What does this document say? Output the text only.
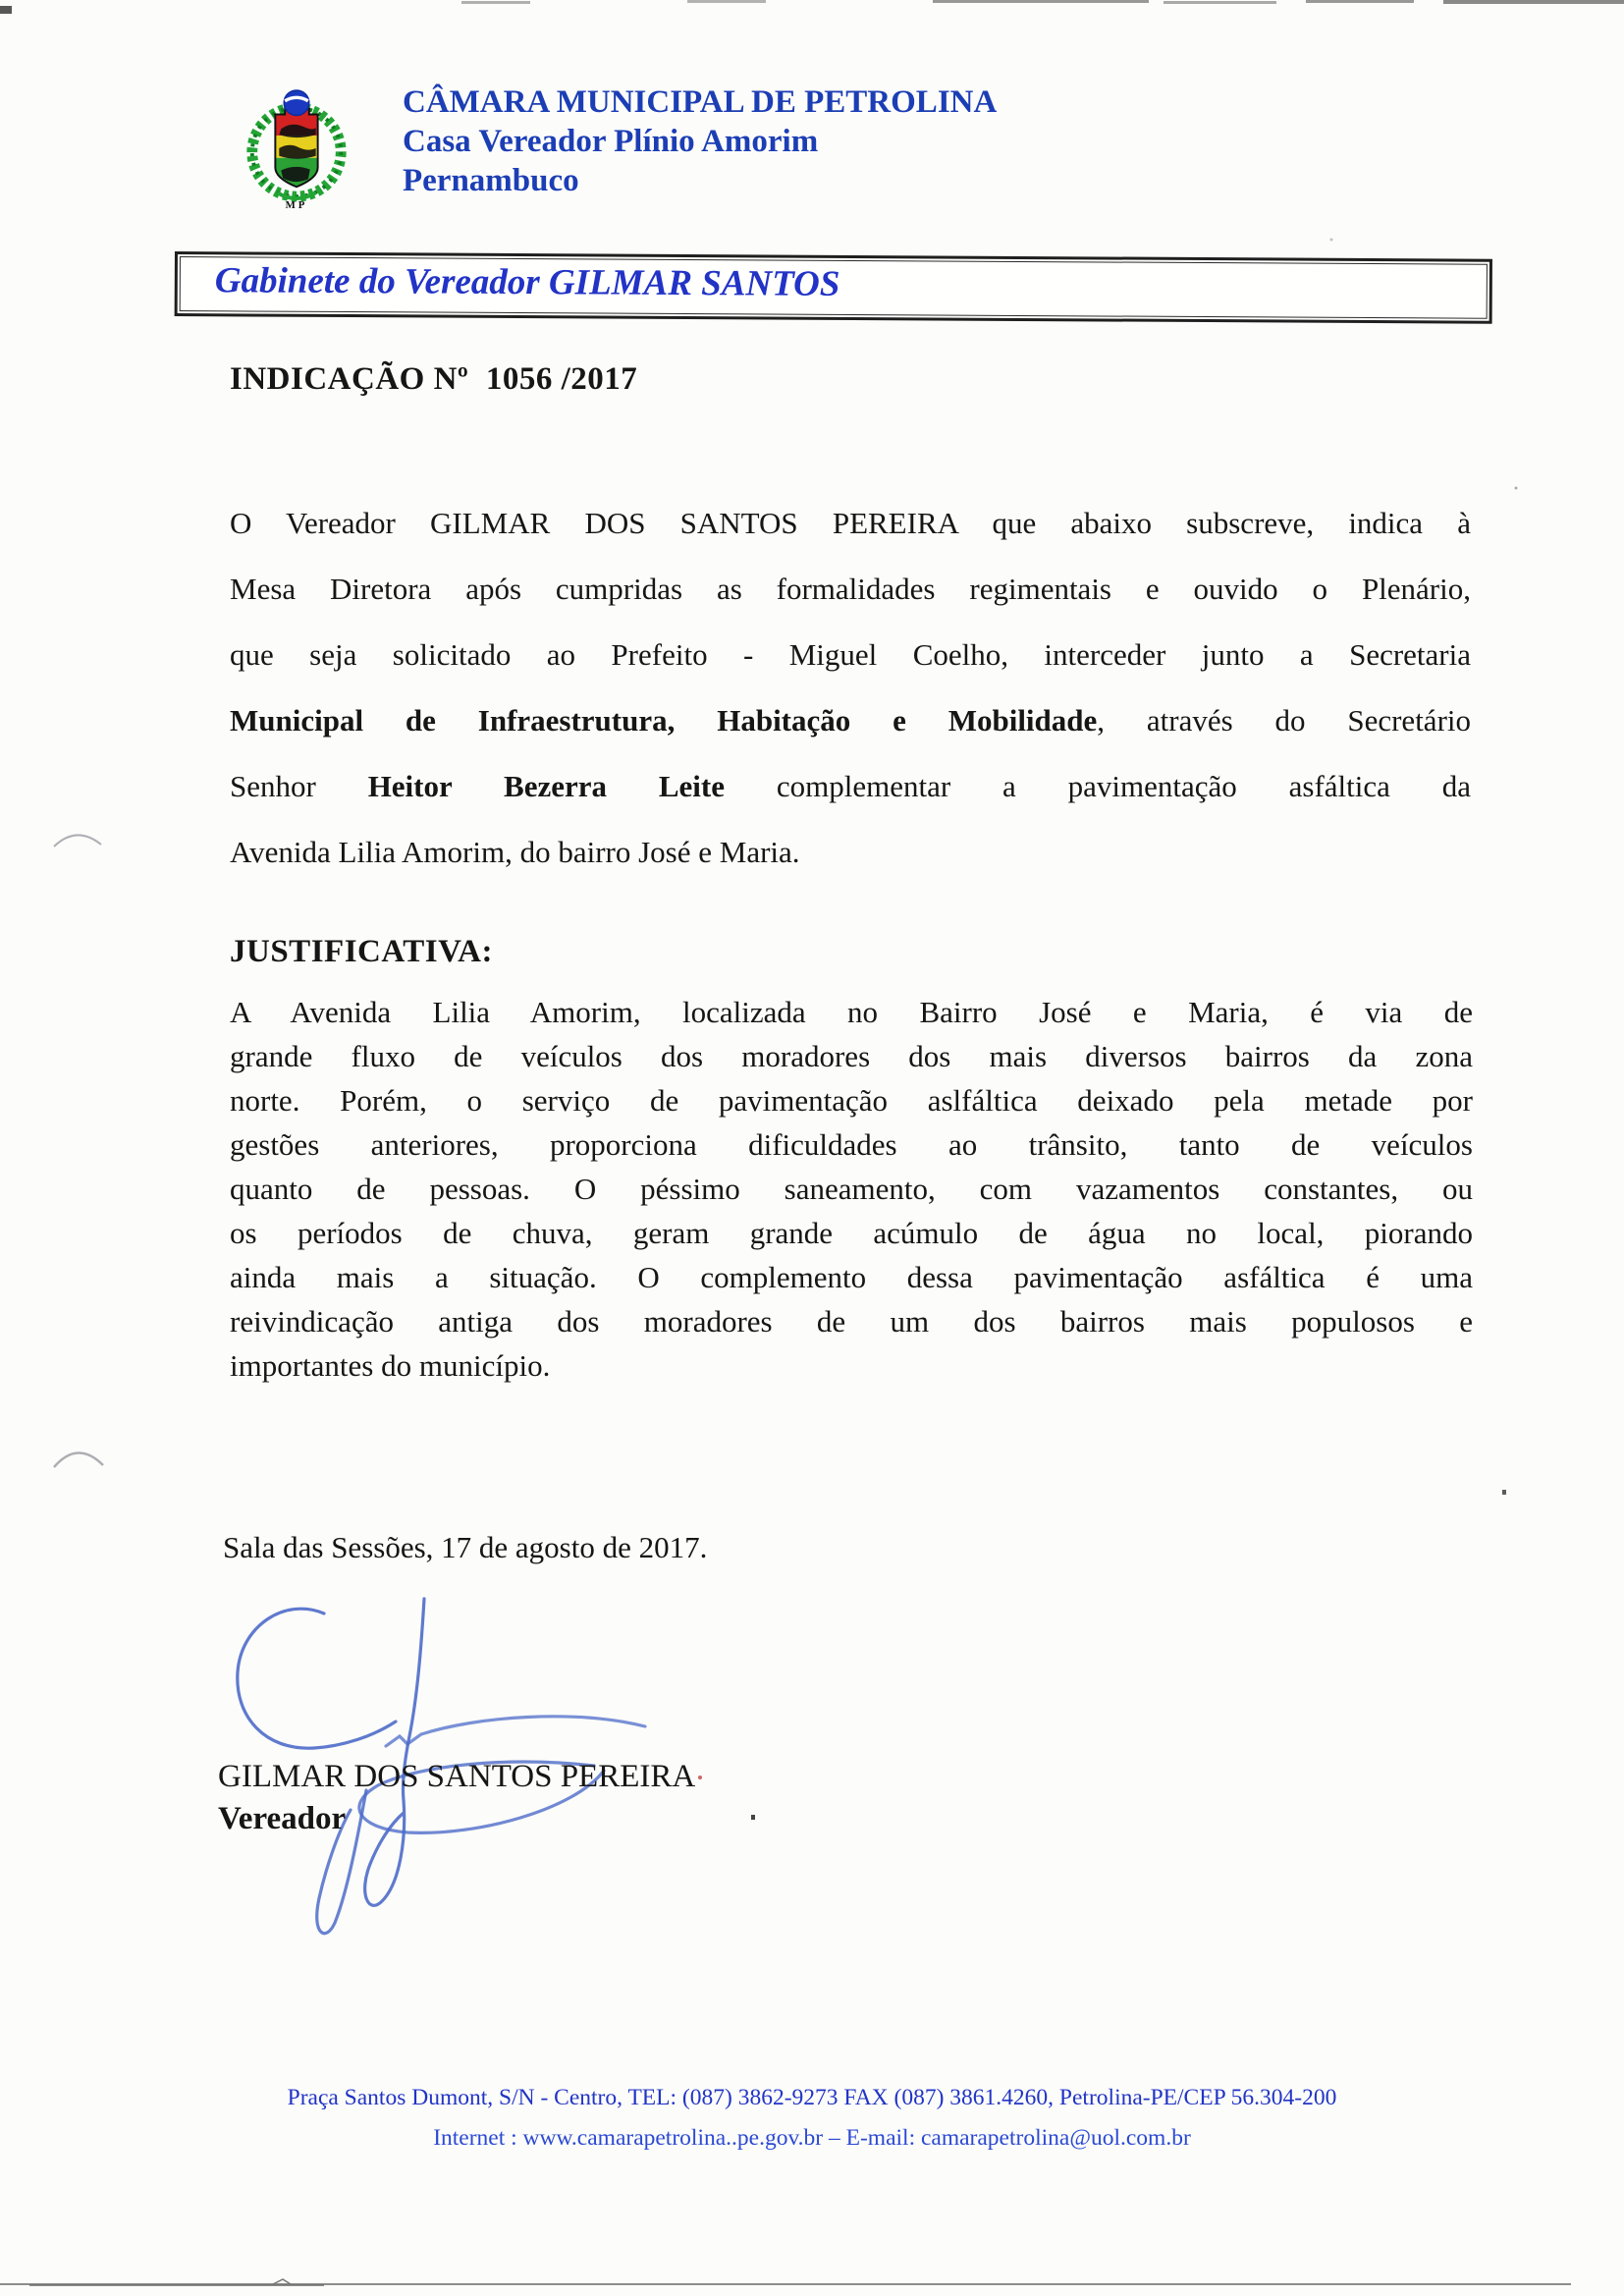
MP
CÂMARA MUNICIPAL DE PETROLINA
Casa Vereador Plínio Amorim
Pernambuco
Gabinete do Vereador GILMAR SANTOS
INDICAÇÃO Nº  1056 /2017
O Vereador GILMAR DOS SANTOS PEREIRA que abaixo subscreve, indica à
Mesa Diretora após cumpridas as formalidades regimentais e ouvido o Plenário,
que seja solicitado ao Prefeito - Miguel Coelho, interceder junto a Secretaria
Municipal de Infraestrutura, Habitação e Mobilidade, através do Secretário
Senhor Heitor Bezerra Leite complementar a pavimentação asfáltica da
Avenida Lilia Amorim, do bairro José e Maria.
JUSTIFICATIVA:
A Avenida Lilia Amorim, localizada no Bairro José e Maria, é via de
grande fluxo de veículos dos moradores dos mais diversos bairros da zona
norte. Porém, o serviço de pavimentação aslfáltica deixado pela metade por
gestões anteriores, proporciona dificuldades ao trânsito, tanto de veículos
quanto de pessoas. O péssimo saneamento, com vazamentos constantes, ou
os períodos de chuva, geram grande acúmulo de água no local, piorando
ainda mais a situação. O complemento dessa pavimentação asfáltica é uma
reivindicação antiga dos moradores de um dos bairros mais populosos e
importantes do município.
Sala das Sessões, 17 de agosto de 2017.
GILMAR DOS SANTOS PEREIRA
Vereador
Praça Santos Dumont, S/N - Centro, TEL: (087) 3862-9273 FAX (087) 3861.4260, Petrolina-PE/CEP 56.304-200
Internet : www.camarapetrolina..pe.gov.br – E-mail: camarapetrolina@uol.com.br
